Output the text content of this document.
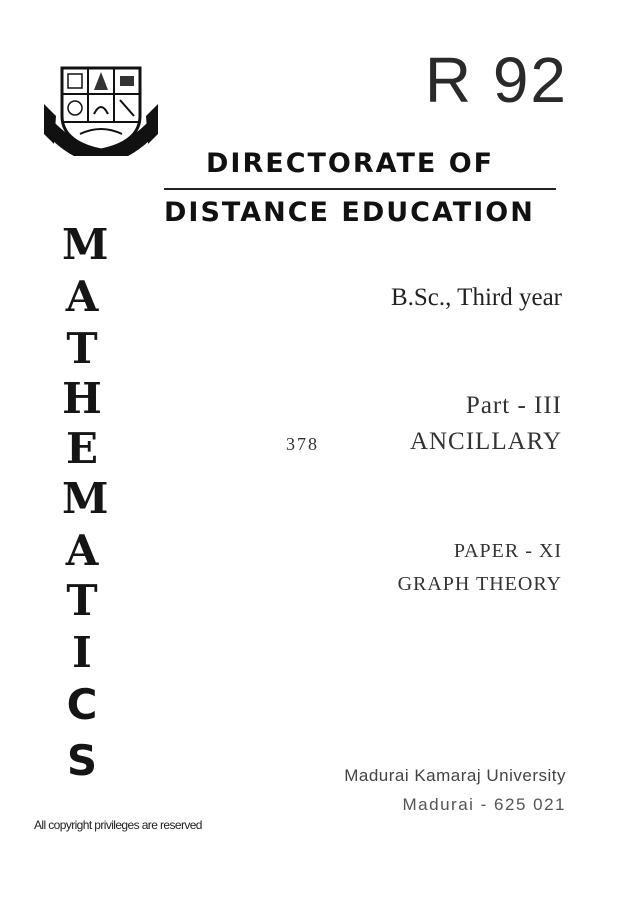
R 92
DIRECTORATE OF
DISTANCE EDUCATION
M
A
T
H
E
M
A
T
I
C
S
B.Sc., Third year
Part - III
378	ANCILLARY
PAPER - XI
GRAPH THEORY
Madurai Kamaraj University
Madurai - 625 021
All copyright privileges are reserved
